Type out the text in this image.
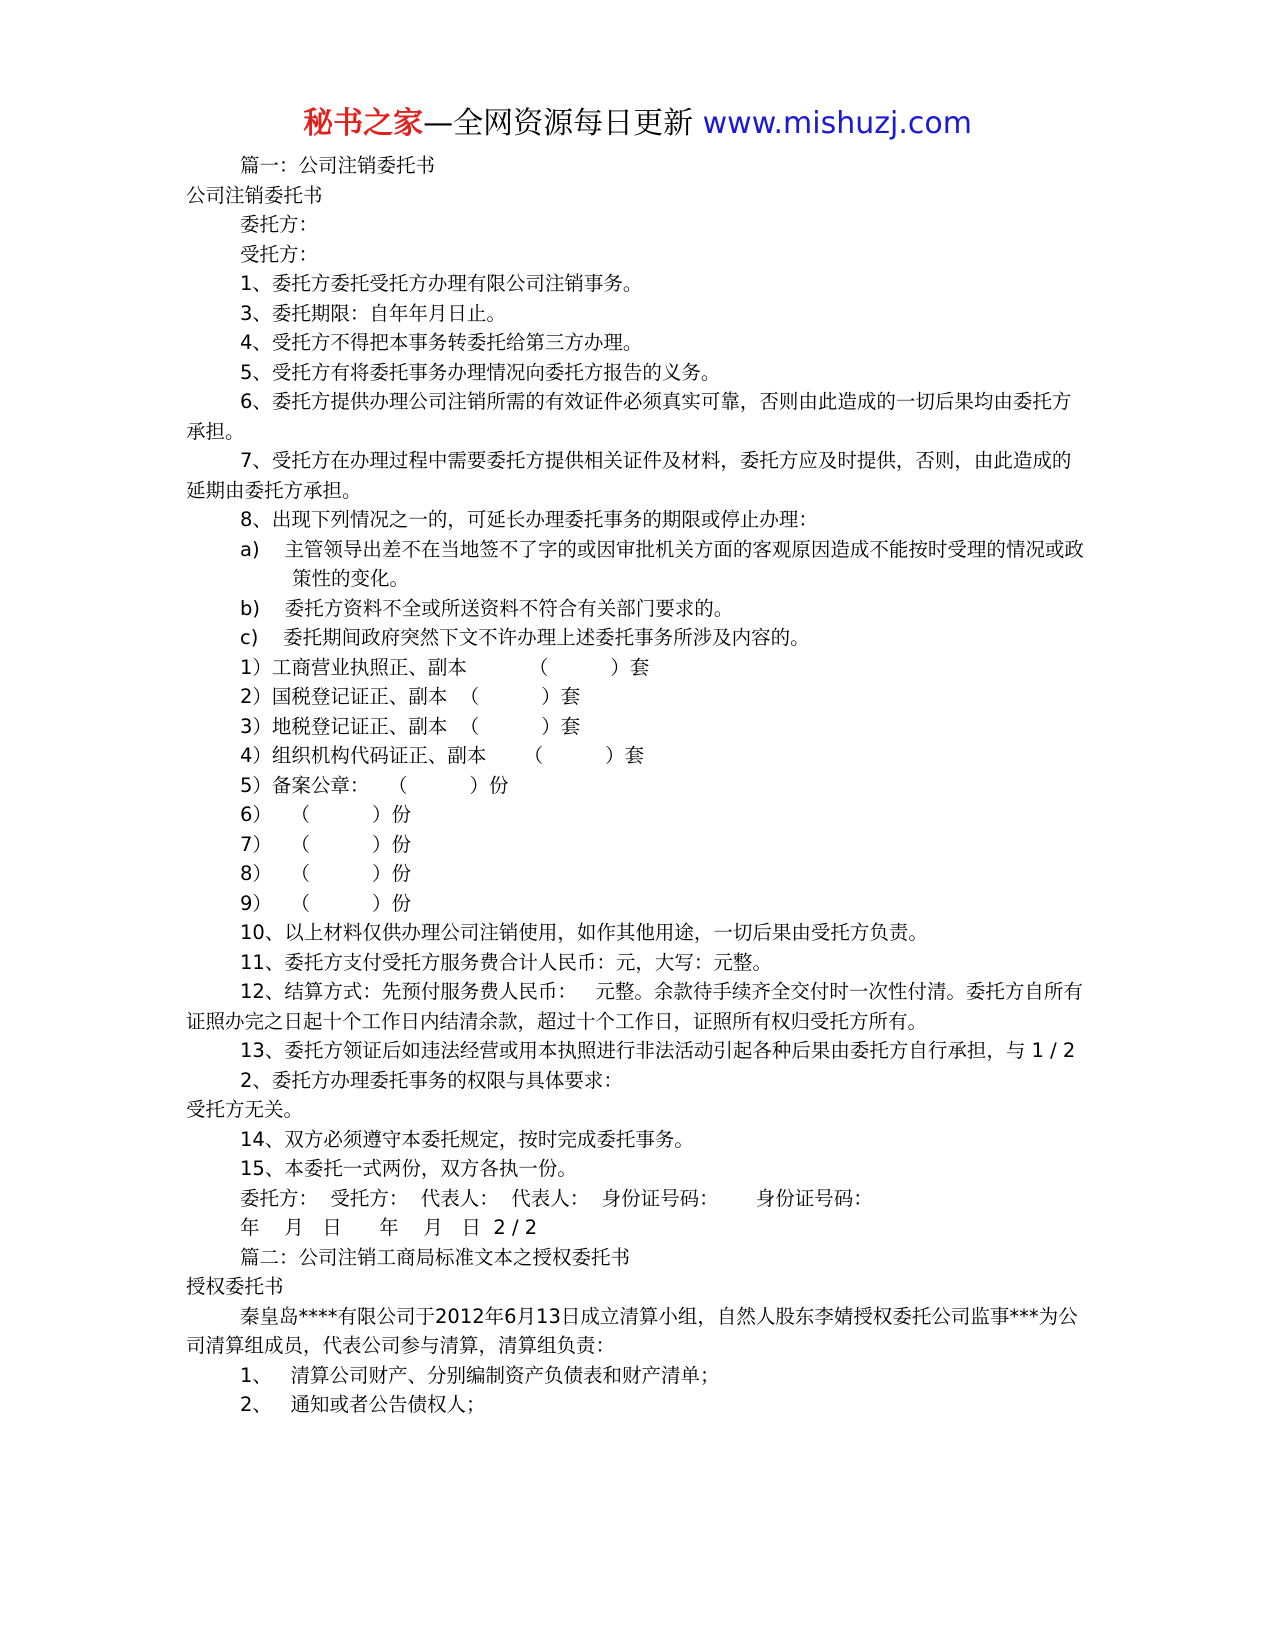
秘书之家—全网资源每日更新 www.mishuzj.com

篇一：公司注销委托书

公司注销委托书

委托方：

受托方：

1、委托方委托受托方办理有限公司注销事务。

3、委托期限：自年年月日止。

4、受托方不得把本事务转委托给第三方办理。

5、受托方有将委托事务办理情况向委托方报告的义务。

6、委托方提供办理公司注销所需的有效证件必须真实可靠，否则由此造成的一切后果均由委托方承担。

7、受托方在办理过程中需要委托方提供相关证件及材料，委托方应及时提供，否则，由此造成的延期由委托方承担。

8、出现下列情况之一的，可延长办理委托事务的期限或停止办理：

a)    主管领导出差不在当地签不了字的或因审批机关方面的客观原因造成不能按时受理的情况或政策性的变化。

b)    委托方资料不全或所送资料不符合有关部门要求的。

c)    委托期间政府突然下文不许办理上述委托事务所涉及内容的。

1）工商营业执照正、副本          （          ）套

2）国税登记证正、副本  （          ）套

3）地税登记证正、副本  （          ）套

4）组织机构代码证正、副本      （          ）套

5）备案公章：   （          ）份

6）   （          ）份

7）   （          ）份

8）   （          ）份

9）   （          ）份

10、以上材料仅供办理公司注销使用，如作其他用途，一切后果由受托方负责。

11、委托方支付受托方服务费合计人民币：元，大写：元整。

12、结算方式：先预付服务费人民币：   元整。余款待手续齐全交付时一次性付清。委托方自所有证照办完之日起十个工作日内结清余款，超过十个工作日，证照所有权归受托方所有。

13、委托方领证后如违法经营或用本执照进行非法活动引起各种后果由委托方自行承担，与 1 / 2

2、委托方办理委托事务的权限与具体要求：

受托方无关。

14、双方必须遵守本委托规定，按时完成委托事务。

15、本委托一式两份，双方各执一份。

委托方：  受托方：  代表人：  代表人：  身份证号码：      身份证号码：

年    月   日      年    月   日  2 / 2

篇二：公司注销工商局标准文本之授权委托书

授权委托书

秦皇岛****有限公司于2012年6月13日成立清算小组，自然人股东李婧授权委托公司监事***为公司清算组成员，代表公司参与清算，清算组负责：

1、   清算公司财产、分别编制资产负债表和财产清单；

2、   通知或者公告债权人；
